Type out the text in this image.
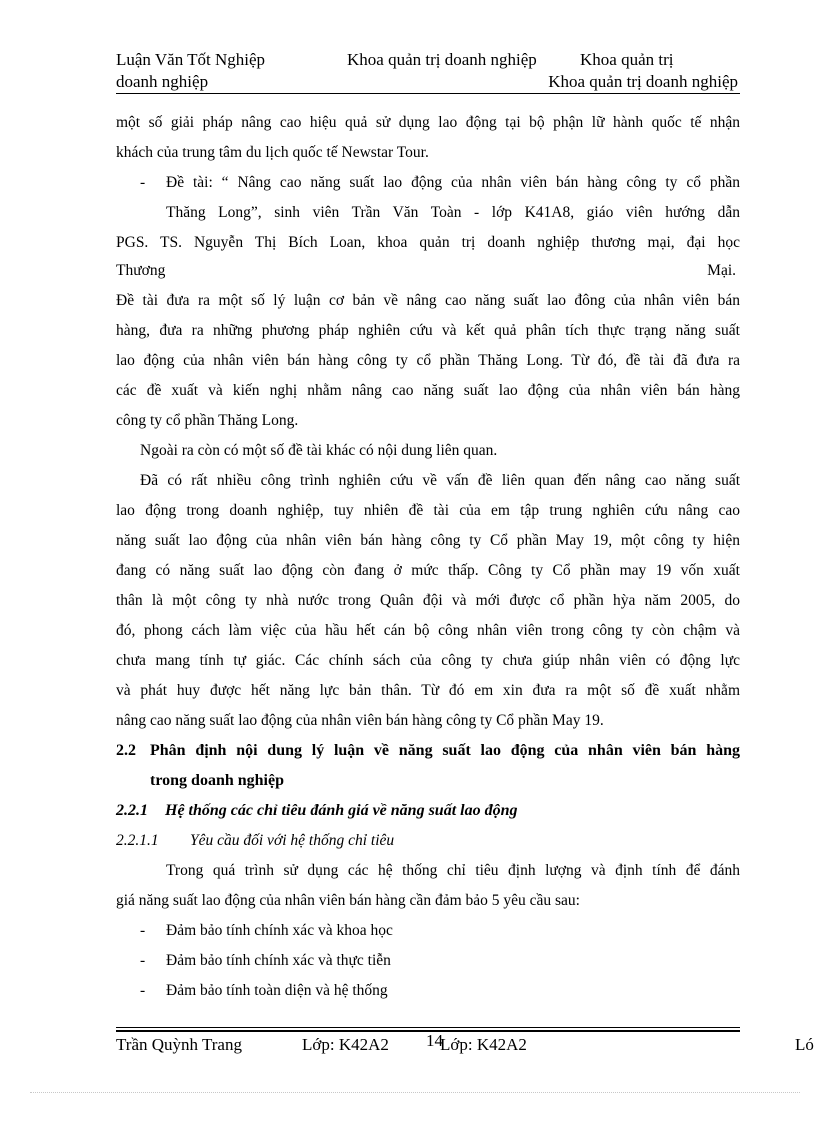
Luận Văn Tốt Nghiệp	Khoa quản trị doanh nghiệp	Khoa quản trị
doanh nghiệp	Khoa quản trị doanh nghiệp
một số giải pháp nâng cao hiệu quả sử dụng lao động tại bộ phận lữ hành quốc tế nhận
khách của trung tâm du lịch quốc tế Newstar Tour.
- Đề tài: “ Nâng cao năng suất lao động của nhân viên bán hàng công ty cổ phần
Thăng Long”, sinh viên Trần Văn Toàn - lớp K41A8, giáo viên hướng dẫn
PGS. TS. Nguyễn Thị Bích Loan, khoa quản trị doanh nghiệp thương mại, đại học
Thương	Mại.
Đề tài đưa ra một số lý luận cơ bản về nâng cao năng suất lao đông của nhân viên bán
hàng, đưa ra những phương pháp nghiên cứu và kết quả phân tích thực trạng năng suất
lao động của nhân viên bán hàng công ty cổ phần Thăng Long. Từ đó, đề tài đã đưa ra
các đề xuất và kiến nghị nhằm nâng cao năng suất lao động của nhân viên bán hàng
công ty cổ phần Thăng Long.
Ngoài ra còn có một số đề tài khác có nội dung liên quan.
Đã có rất nhiều công trình nghiên cứu về vấn đề liên quan đến nâng cao năng suất
lao động trong doanh nghiệp, tuy nhiên đề tài của em tập trung nghiên cứu nâng cao
năng suất lao động của nhân viên bán hàng công ty Cổ phần May 19, một công ty hiện
đang có năng suất lao động còn đang ở mức thấp. Công ty Cổ phần may 19 vốn xuất
thân là một công ty nhà nước trong Quân đội và mới được cổ phần hỳa năm 2005, do
đó, phong cách làm việc của hầu hết cán bộ công nhân viên trong công ty còn chậm và
chưa mang tính tự giác. Các chính sách của công ty chưa giúp nhân viên có động lực
và phát huy được hết năng lực bản thân. Từ đó em xin đưa ra một số đề xuất nhằm
nâng cao năng suất lao động của nhân viên bán hàng công ty Cổ phần May 19.
2.2 Phân định nội dung lý luận về năng suất lao động của nhân viên bán hàng
trong doanh nghiệp
2.2.1 Hệ thống các chỉ tiêu đánh giá về năng suất lao động
2.2.1.1 Yêu cầu đối với hệ thống chỉ tiêu
Trong quá trình sử dụng các hệ thống chỉ tiêu định lượng và định tính để đánh
giá năng suất lao động của nhân viên bán hàng cần đảm bảo 5 yêu cầu sau:
- Đảm bảo tính chính xác và khoa học
- Đảm bảo tính chính xác và thực tiễn
- Đảm bảo tính toàn diện và hệ thống
Trần Quỳnh Trang	Lớp: K42A2 14
Lớp: K42A2	Ló
